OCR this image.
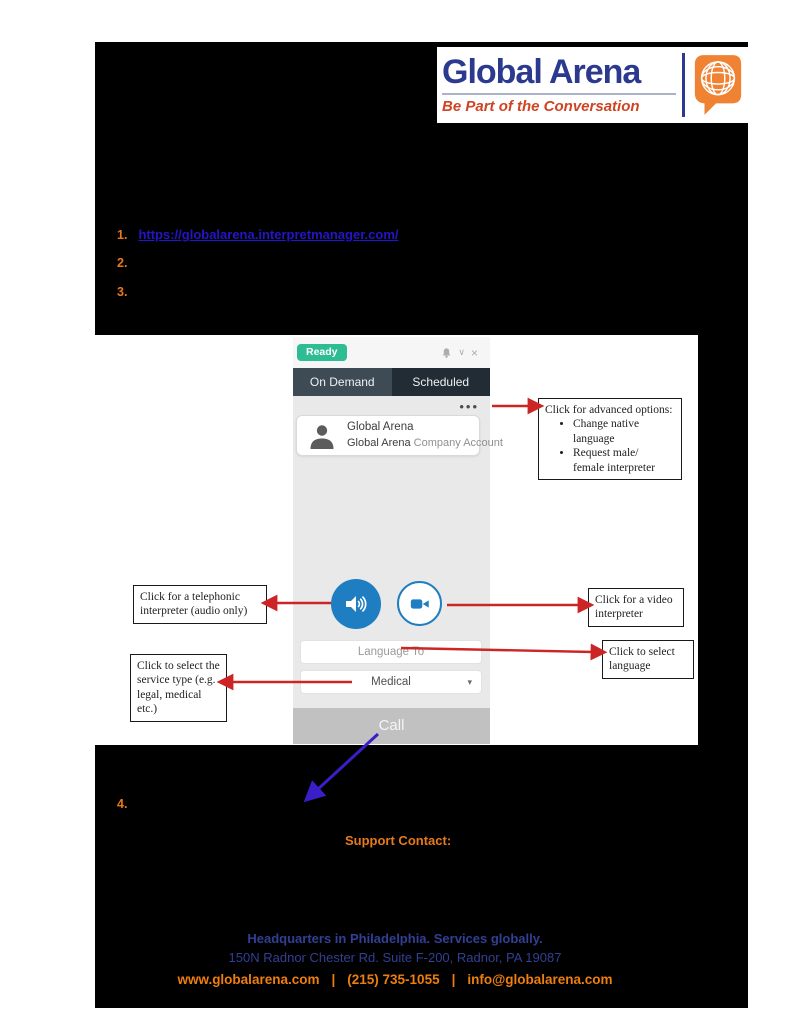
Global Arena
Be Part of the Conversation
1. https://globalarena.interpretmanager.com/
2.
3.
4.
Ready	∨ ×
On Demand	Scheduled
•••
Global Arena
Global Arena Company Account
Language To
Medical	▾
Call
Click for advanced options:
• Change native language
• Request male/ female interpreter
Click for a telephonic interpreter (audio only)
Click for a video interpreter
Click to select language
Click to select the service type (e.g. legal, medical etc.)
Support Contact:
Headquarters in Philadelphia. Services globally.
150N Radnor Chester Rd. Suite F-200, Radnor, PA 19087
www.globalarena.com | (215) 735-1055 | info@globalarena.com
